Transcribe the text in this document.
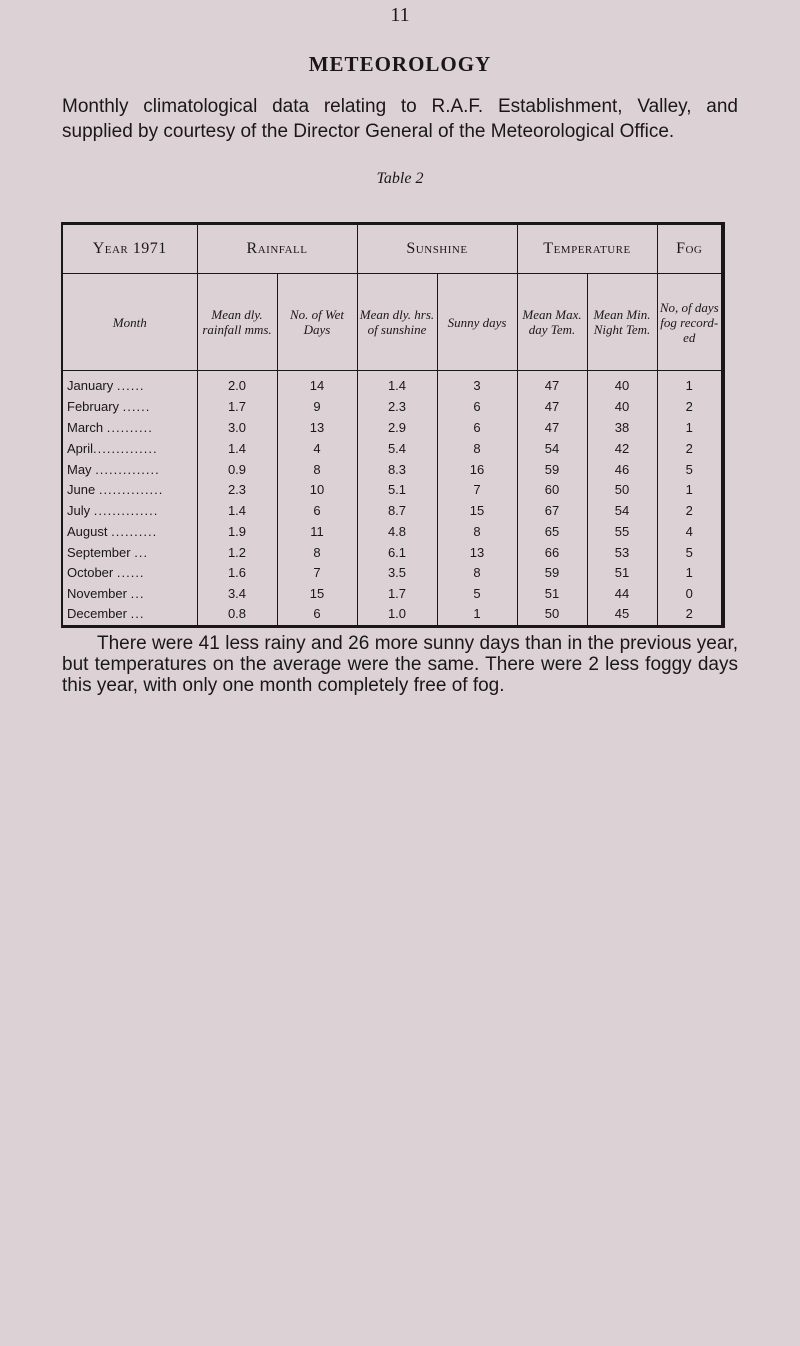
11
METEOROLOGY
Monthly climatological data relating to R.A.F. Establishment, Valley, and supplied by courtesy of the Director General of the Meteorological Office.
Table 2
Year 1971	Rainfall		Sunshine		Temperature		Fog
Month	Mean dly. rainfall mms.	No. of Wet Days	Mean dly. hrs. of sunshine	Sunny days	Mean Max. day Tem.	Mean Min. Night Tem.	No, of days fog record- ed
January ......	2.0	14	1.4	3	47	40	1
February ......	1.7	9	2.3	6	47	40	2
March ..........	3.0	13	2.9	6	47	38	1
April..............	1.4	4	5.4	8	54	42	2
May ..............	0.9	8	8.3	16	59	46	5
June ..............	2.3	10	5.1	7	60	50	1
July ..............	1.4	6	8.7	15	67	54	2
August ..........	1.9	11	4.8	8	65	55	4
September ...	1.2	8	6.1	13	66	53	5
October ......	1.6	7	3.5	8	59	51	1
November ...	3.4	15	1.7	5	51	44	0
December ...	0.8	6	1.0	1	50	45	2
There were 41 less rainy and 26 more sunny days than in the previous year, but temperatures on the average were the same. There were 2 less foggy days this year, with only one month completely free of fog.
